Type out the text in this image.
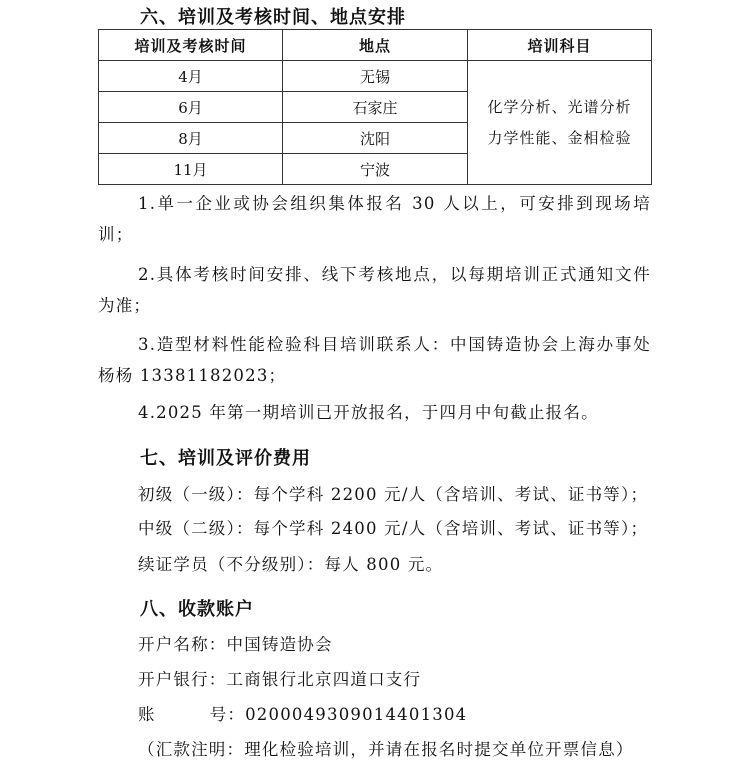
六、培训及考核时间、地点安排
培训及考核时间	地点	培训科目
4月	无锡	化学分析、光谱分析
力学性能、金相检验

6月	石家庄	
8月	沈阳	
11月	宁波	
1.单一企业或协会组织集体报名 30 人以上，可安排到现场培训；
2.具体考核时间安排、线下考核地点，以每期培训正式通知文件为准；
3.造型材料性能检验科目培训联系人：中国铸造协会上海办事处杨杨 13381182023；
4.2025 年第一期培训已开放报名，于四月中旬截止报名。
七、培训及评价费用
初级（一级）：每个学科 2200 元/人（含培训、考试、证书等）；
中级（二级）：每个学科 2400 元/人（含培训、考试、证书等）；
续证学员（不分级别）：每人 800 元。
八、收款账户
开户名称：中国铸造协会
开户银行：工商银行北京四道口支行
账	号：0200049309014401304
（汇款注明：理化检验培训，并请在报名时提交单位开票信息）
